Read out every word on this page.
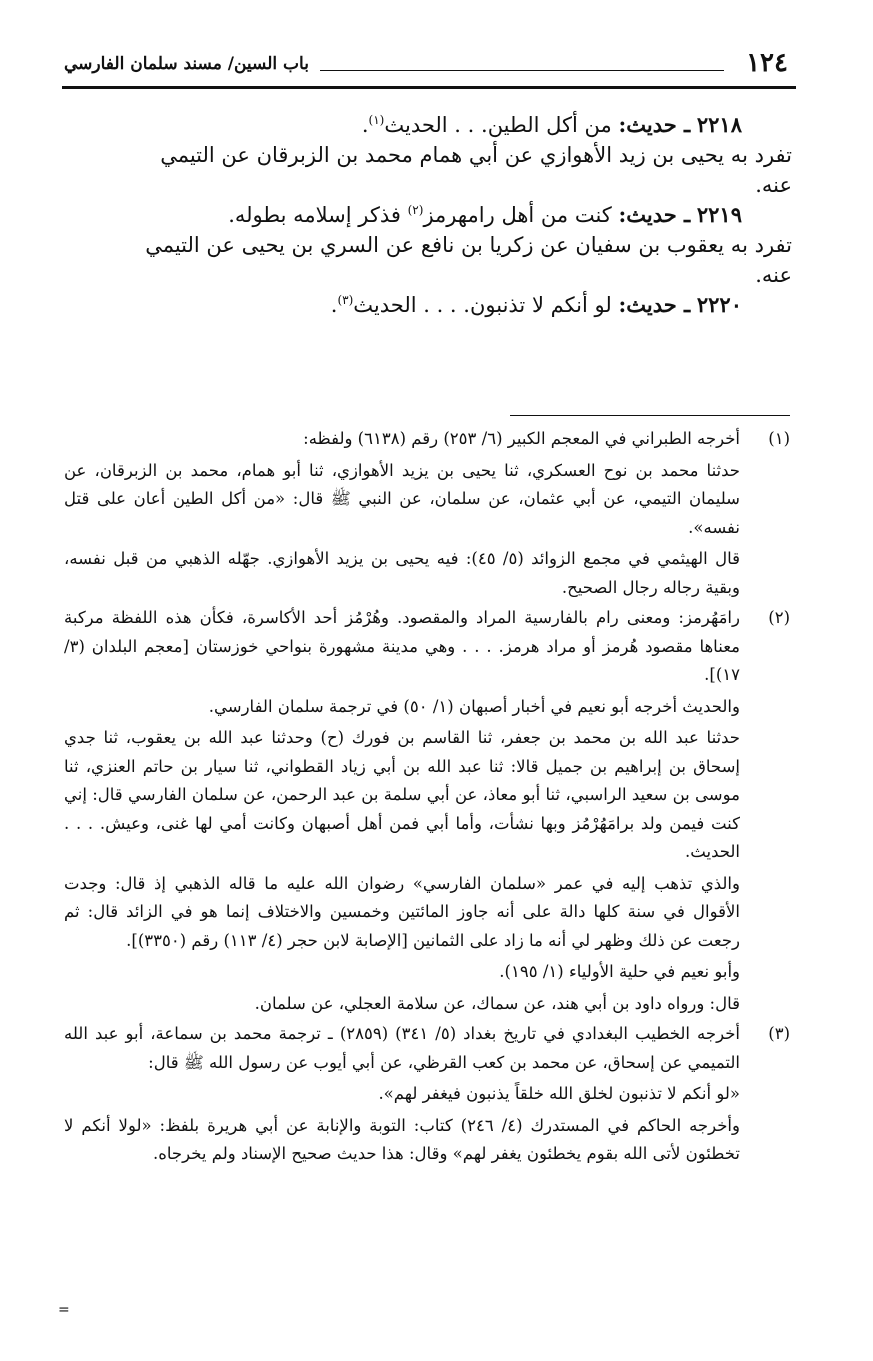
١٢٤
باب السين/ مسند سلمان الفارسي

٢٢١٨ ـ حديث: من أكل الطين. . . الحديث$^{(١)}$.

تفرد به يحيى بن زيد الأهوازي عن أبي همام محمد بن الزبرقان عن التيمي

عنه.

٢٢١٩ ـ حديث: كنت من أهل رامهرمز$^{(٢)}$ فذكر إسلامه بطوله.

تفرد به يعقوب بن سفيان عن زكريا بن نافع عن السري بن يحيى عن التيمي

عنه.

٢٢٢٠ ـ حديث: لو أنكم لا تذنبون. . . . الحديث$^{(٣)}$.

(١)

أخرجه الطبراني في المعجم الكبير (٦/ ٢٥٣) رقم (٦١٣٨) ولفظه:

حدثنا محمد بن نوح العسكري، ثنا يحيى بن يزيد الأهوازي، ثنا أبو همام، محمد بن الزبرقان، عن سليمان التيمي، عن أبي عثمان، عن سلمان، عن النبي ﷺ قال: «من أكل الطين أعان على قتل نفسه».

قال الهيثمي في مجمع الزوائد (٥/ ٤٥): فيه يحيى بن يزيد الأهوازي. جهّله الذهبي من قبل نفسه، وبقية رجاله رجال الصحيح.

(٢)

رامَهُرمز: ومعنى رام بالفارسية المراد والمقصود. وهُرْمُز أحد الأكاسرة، فكأن هذه اللفظة مركبة معناها مقصود هُرمز أو مراد هرمز. . . . وهي مدينة مشهورة بنواحي خوزستان [معجم البلدان (٣/ ١٧)].

والحديث أخرجه أبو نعيم في أخبار أصبهان (١/ ٥٠) في ترجمة سلمان الفارسي.

حدثنا عبد الله بن محمد بن جعفر، ثنا القاسم بن فورك (ح) وحدثنا عبد الله بن يعقوب، ثنا جدي إسحاق بن إبراهيم بن جميل قالا: ثنا عبد الله بن أبي زياد القطواني، ثنا سيار بن حاتم العنزي، ثنا موسى بن سعيد الراسبي، ثنا أبو معاذ، عن أبي سلمة بن عبد الرحمن، عن سلمان الفارسي قال: إني كنت فيمن ولد برامَهُرْمُز وبها نشأت، وأما أبي فمن أهل أصبهان وكانت أمي لها غنى، وعيش. . . . الحديث.

والذي تذهب إليه في عمر «سلمان الفارسي» رضوان الله عليه ما قاله الذهبي إذ قال: وجدت الأقوال في سنة كلها دالة على أنه جاوز المائتين وخمسين والاختلاف إنما هو في الزائد قال: ثم رجعت عن ذلك وظهر لي أنه ما زاد على الثمانين [الإصابة لابن حجر (٤/ ١١٣) رقم (٣٣٥٠)].

وأبو نعيم في حلية الأولياء (١/ ١٩٥).

قال: ورواه داود بن أبي هند، عن سماك، عن سلامة العجلي، عن سلمان.

(٣)

أخرجه الخطيب البغدادي في تاريخ بغداد (٥/ ٣٤١) (٢٨٥٩) ـ ترجمة محمد بن سماعة، أبو عبد الله التميمي عن إسحاق، عن محمد بن كعب القرظي، عن أبي أيوب عن رسول الله ﷺ قال:

«لو أنكم لا تذنبون لخلق الله خلقاً يذنبون فيغفر لهم».

وأخرجه الحاكم في المستدرك (٤/ ٢٤٦) كتاب: التوبة والإنابة عن أبي هريرة بلفظ: «لولا أنكم لا تخطئون لأتى الله بقوم يخطئون يغفر لهم» وقال: هذا حديث صحيح الإسناد ولم يخرجاه.

=
